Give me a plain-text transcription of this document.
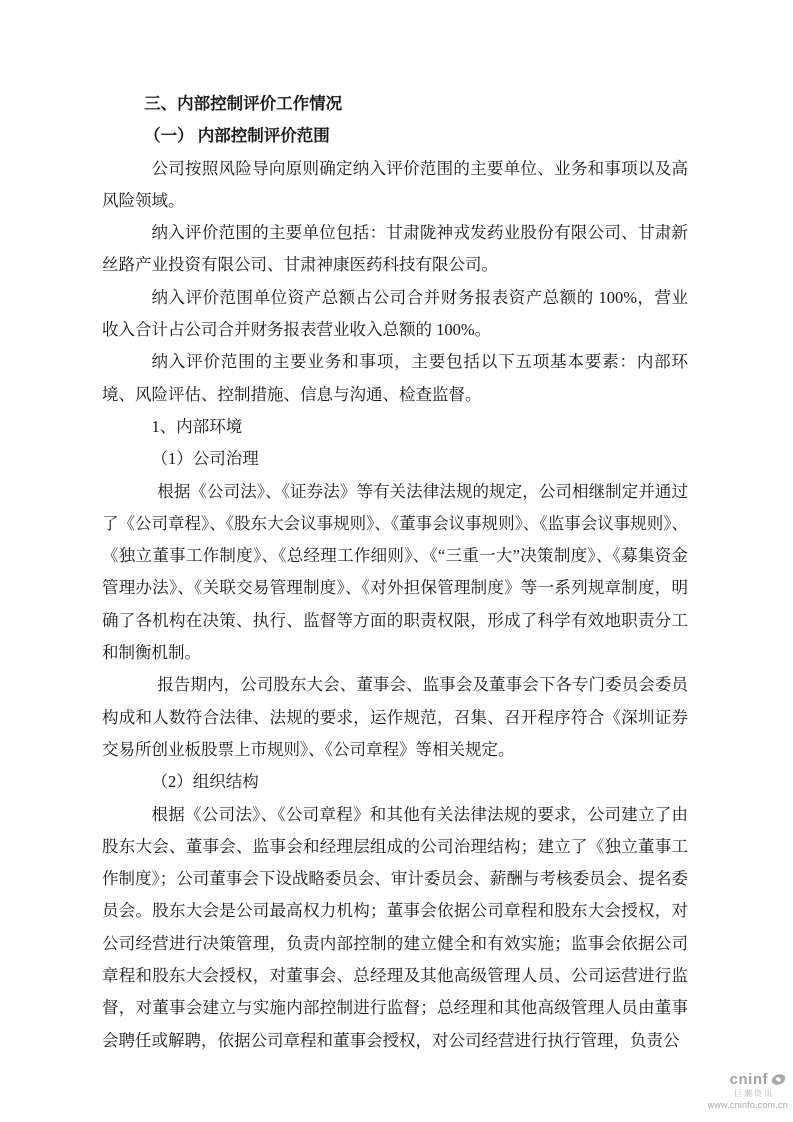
三、内部控制评价工作情况

（一） 内部控制评价范围

公司按照风险导向原则确定纳入评价范围的主要单位、业务和事项以及高风险领域。

纳入评价范围的主要单位包括：甘肃陇神戎发药业股份有限公司、甘肃新丝路产业投资有限公司、甘肃神康医药科技有限公司。

纳入评价范围单位资产总额占公司合并财务报表资产总额的 100%，营业收入合计占公司合并财务报表营业收入总额的 100%。

纳入评价范围的主要业务和事项，主要包括以下五项基本要素：内部环境、风险评估、控制措施、信息与沟通、检查监督。

1、内部环境

（1）公司治理

根据《公司法》、《证券法》等有关法律法规的规定，公司相继制定并通过了《公司章程》、《股东大会议事规则》、《董事会议事规则》、《监事会议事规则》、《独立董事工作制度》、《总经理工作细则》、《“三重一大”决策制度》、《募集资金管理办法》、《关联交易管理制度》、《对外担保管理制度》等一系列规章制度，明确了各机构在决策、执行、监督等方面的职责权限，形成了科学有效地职责分工和制衡机制。

报告期内，公司股东大会、董事会、监事会及董事会下各专门委员会委员构成和人数符合法律、法规的要求，运作规范，召集、召开程序符合《深圳证券交易所创业板股票上市规则》、《公司章程》等相关规定。

（2）组织结构

根据《公司法》、《公司章程》和其他有关法律法规的要求，公司建立了由股东大会、董事会、监事会和经理层组成的公司治理结构；建立了《独立董事工作制度》；公司董事会下设战略委员会、审计委员会、薪酬与考核委员会、提名委员会。股东大会是公司最高权力机构；董事会依据公司章程和股东大会授权，对公司经营进行决策管理，负责内部控制的建立健全和有效实施；监事会依据公司章程和股东大会授权，对董事会、总经理及其他高级管理人员、公司运营进行监督，对董事会建立与实施内部控制进行监督；总经理和其他高级管理人员由董事会聘任或解聘，依据公司章程和董事会授权，对公司经营进行执行管理，负责公

cninf
巨潮资讯
www.cninfo.com.cn
